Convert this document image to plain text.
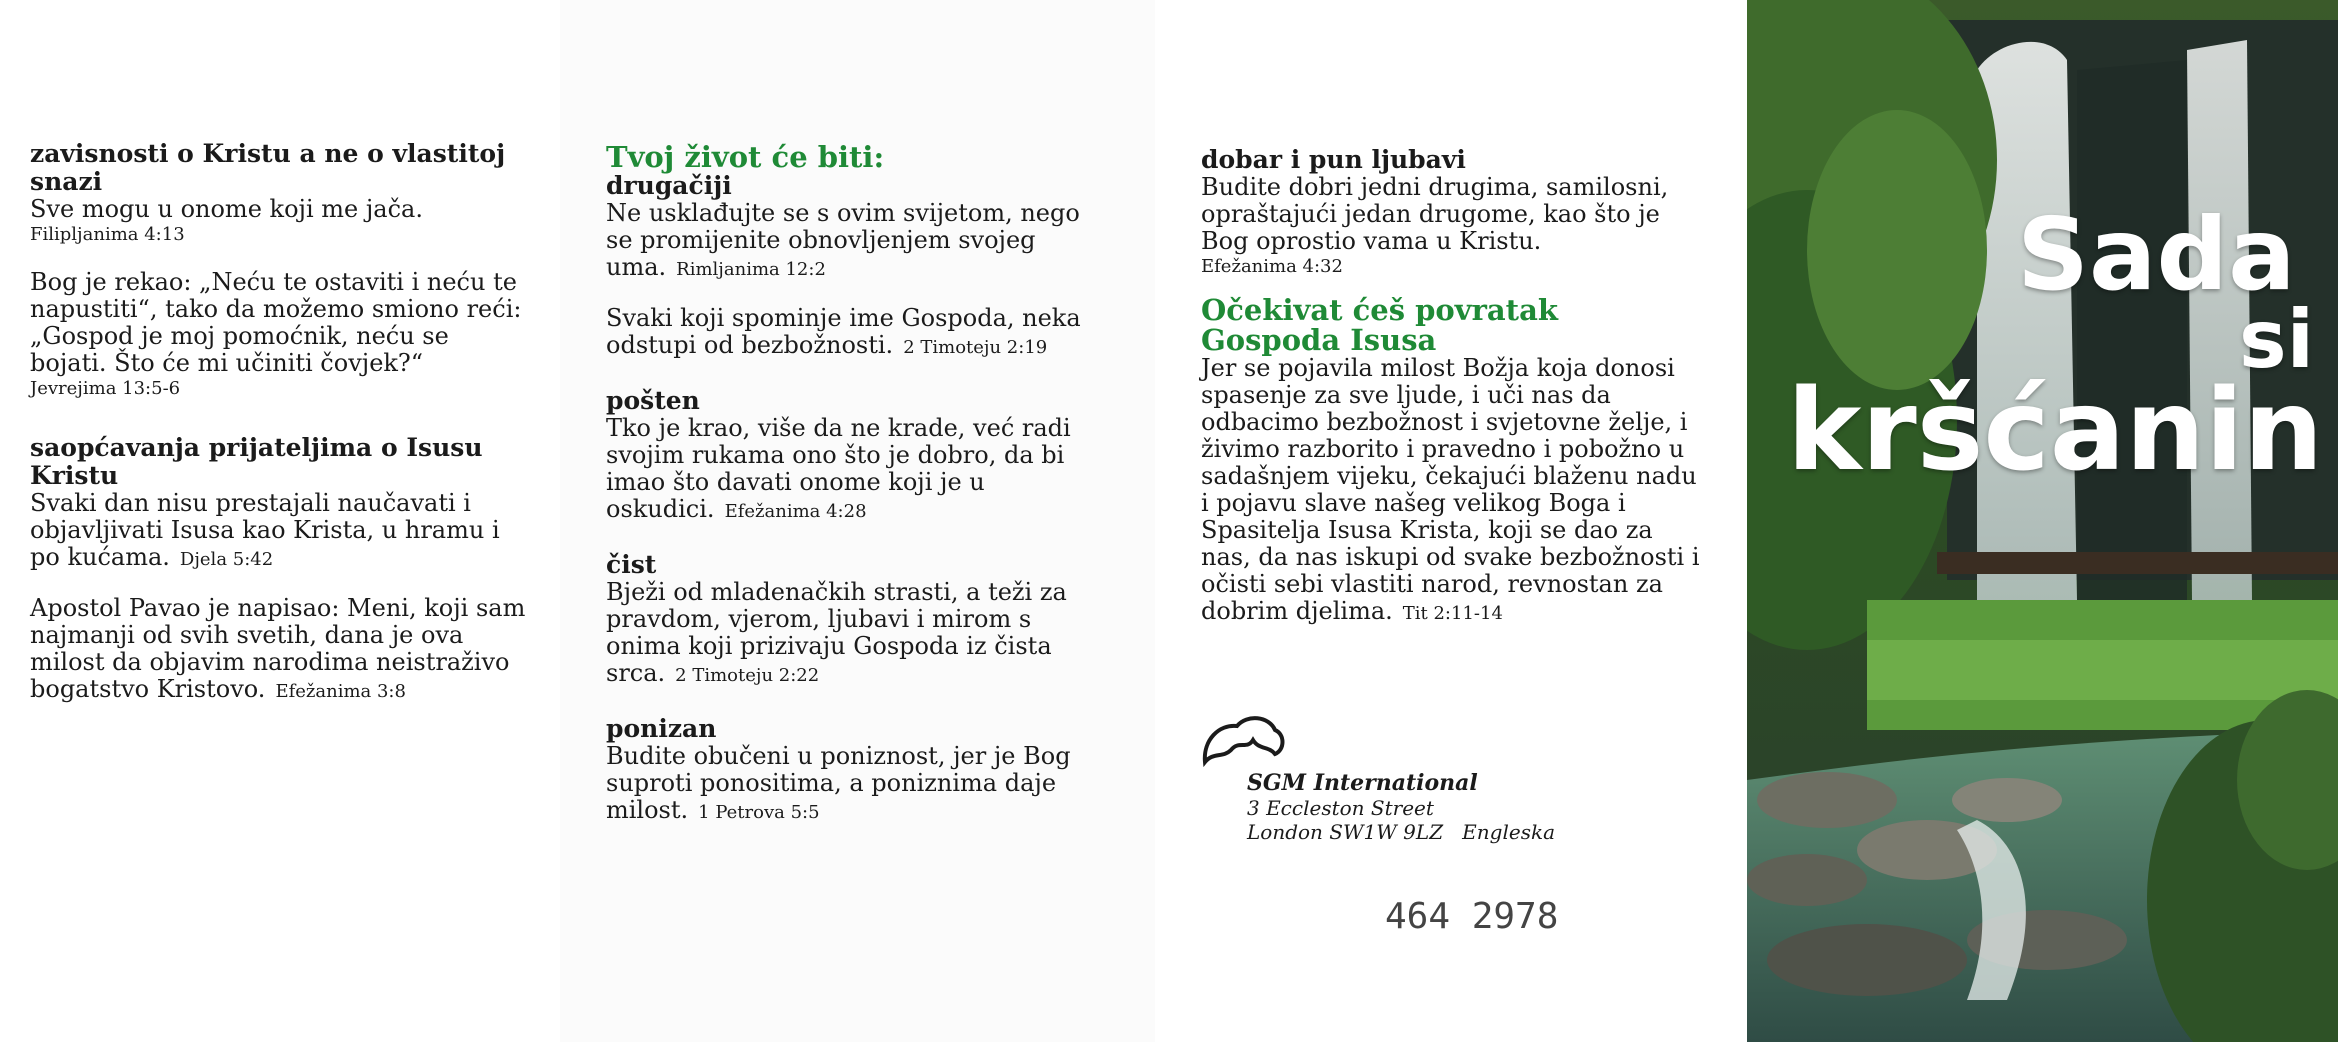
zavisnosti o Kristu a ne o vlastitoj snazi

Sve mogu u onome koji me jača.

Filipljanima 4:13

Bog je rekao: „Neću te ostaviti i neću te napustiti“, tako da možemo smiono reći: „Gospod je moj pomoćnik, neću se bojati. Što će mi učiniti čovjek?“

Jevrejima 13:5-6

saopćavanja prijateljima o Isusu Kristu

Svaki dan nisu prestajali naučavati i objavljivati Isusa kao Krista, u hramu i po kućama. Djela 5:42

Apostol Pavao je napisao: Meni, koji sam najmanji od svih svetih, dana je ova milost da objavim narodima neistraživo bogatstvo Kristovo. Efežanima 3:8

Tvoj život će biti:

drugačiji

Ne usklađujte se s ovim svijetom, nego se promijenite obnovljenjem svojeg uma. Rimljanima 12:2

Svaki koji spominje ime Gospoda, neka odstupi od bezbožnosti. 2 Timoteju 2:19

pošten

Tko je krao, više da ne krade, već radi svojim rukama ono što je dobro, da bi imao što davati onome koji je u oskudici. Efežanima 4:28

čist

Bježi od mladenačkih strasti, a teži za pravdom, vjerom, ljubavi i mirom s onima koji prizivaju Gospoda iz čista srca. 2 Timoteju 2:22

ponizan

Budite obučeni u poniznost, jer je Bog suproti ponositima, a poniznima daje milost. 1 Petrova 5:5

dobar i pun ljubavi

Budite dobri jedni drugima, samilosni, opraštajući jedan drugome, kao što je Bog oprostio vama u Kristu.

Efežanima 4:32

Očekivat ćeš povratak Gospoda Isusa

Jer se pojavila milost Božja koja donosi spasenje za sve ljude, i uči nas da odbacimo bezbožnost i svjetovne želje, i živimo razborito i pravedno i pobožno u sadašnjem vijeku, čekajući blaženu nadu i pojavu slave našeg velikog Boga i Spasitelja Isusa Krista, koji se dao za nas, da nas iskupi od svake bezbožnosti i očisti sebi vlastiti narod, revnostan za dobrim djelima. Tit 2:11-14

SGM International
3 Eccleston Street
London SW1W 9LZ Engleska
464 2978
Sada
si
kršćanin
